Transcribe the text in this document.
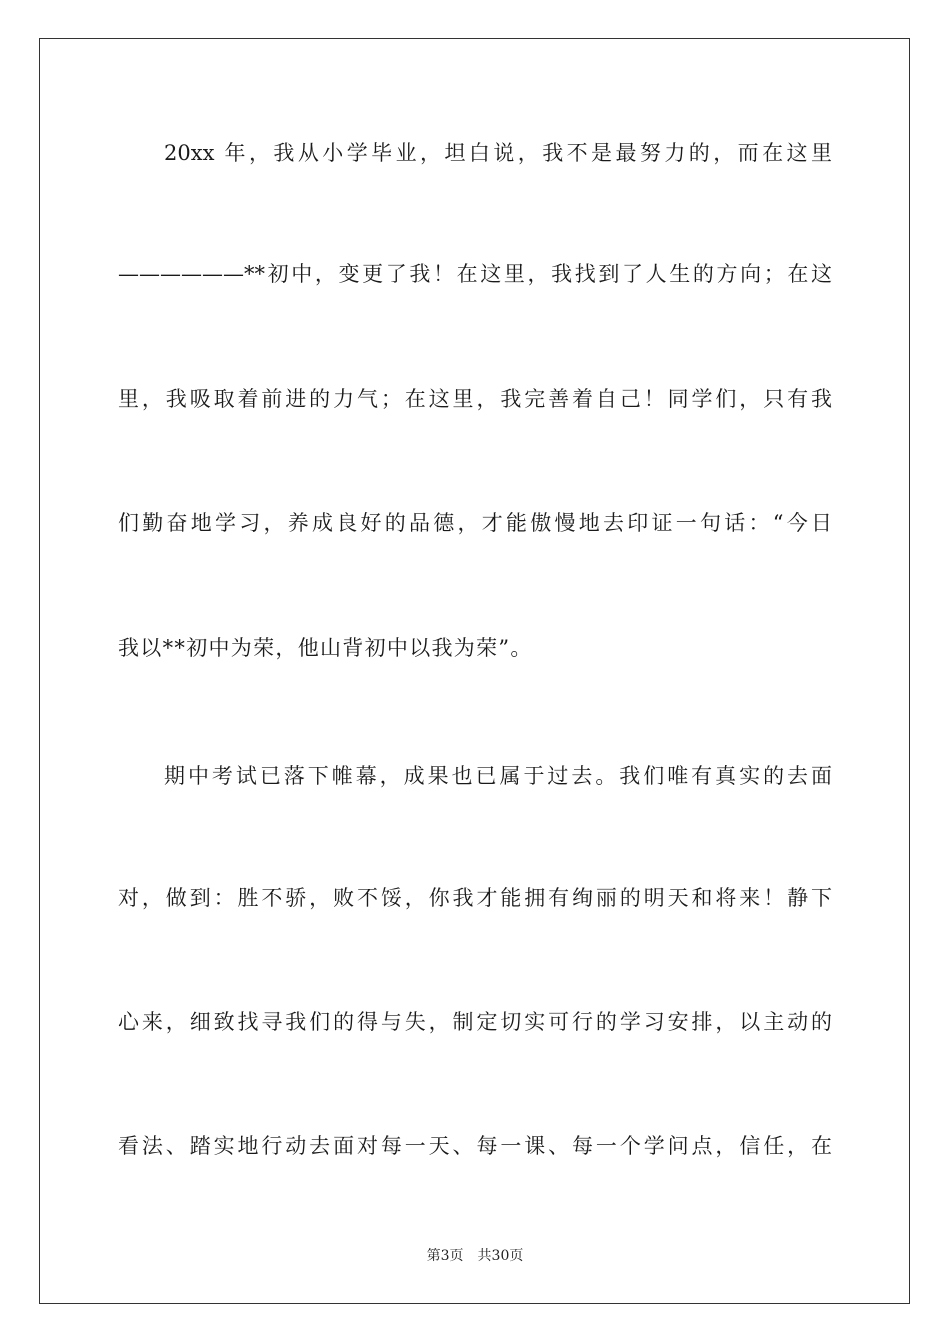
20xx 年，我从小学毕业，坦白说，我不是最努力的，而在这里
——————**初中，变更了我！在这里，我找到了人生的方向；在这
里，我吸取着前进的力气；在这里，我完善着自己！同学们，只有我
们勤奋地学习，养成良好的品德，才能傲慢地去印证一句话：“今日
我以**初中为荣，他山背初中以我为荣”。
期中考试已落下帷幕，成果也已属于过去。我们唯有真实的去面
对，做到：胜不骄，败不馁，你我才能拥有绚丽的明天和将来！静下
心来，细致找寻我们的得与失，制定切实可行的学习安排，以主动的
看法、踏实地行动去面对每一天、每一课、每一个学问点，信任，在
第3页 共30页
